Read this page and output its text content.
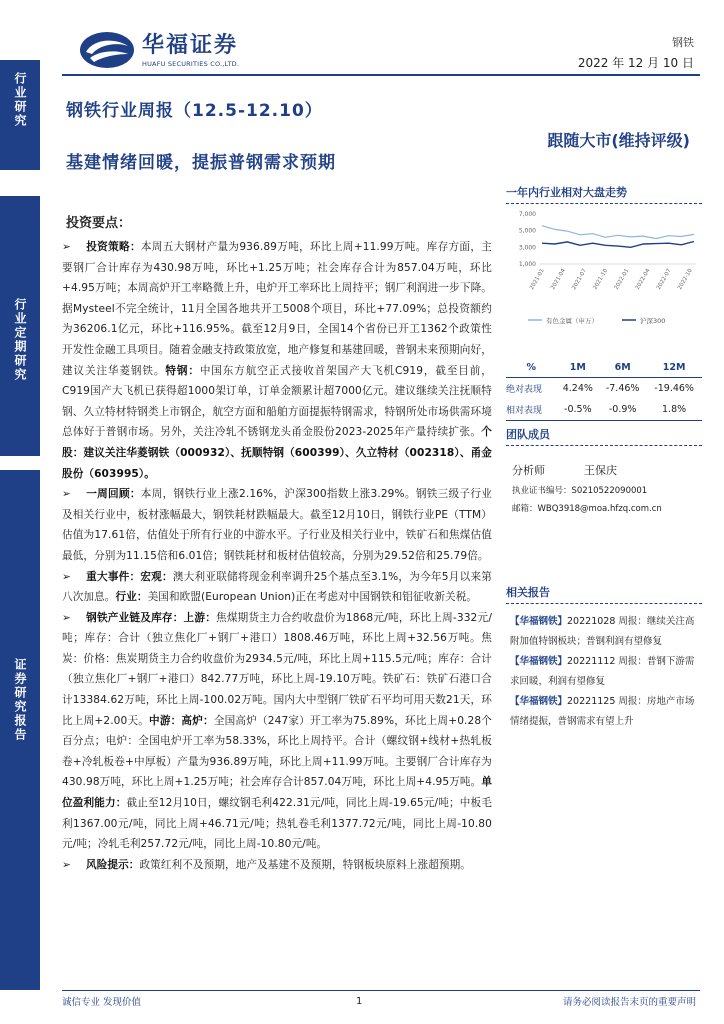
行业研究
行业定期研究
证券研究报告
华福证券
HUAFU SECURITIES CO.,LTD.
钢铁
2022 年 12 月 10 日
钢铁行业周报（12.5-12.10）
跟随大市(维持评级)
基建情绪回暖，提振普钢需求预期
投资要点：

➢ 投资策略：本周五大钢材产量为936.89万吨，环比上周+11.99万吨。库存方面，主要钢厂合计库存为430.98万吨，环比+1.25万吨；社会库存合计为857.04万吨，环比+4.95万吨；本周高炉开工率略微上升，电炉开工率环比上周持平；钢厂利润进一步下降。据Mysteel不完全统计，11月全国各地共开工5008个项目，环比+77.09%；总投资额约为36206.1亿元，环比+116.95%。截至12月9日，全国14个省份已开工1362个政策性开发性金融工具项目。随着金融支持政策放宽，地产修复和基建回暖，普钢未来预期向好，建议关注华菱钢铁。特钢：中国东方航空正式接收首架国产大飞机C919，截至目前，C919国产大飞机已获得超1000架订单，订单金额累计超7000亿元。建议继续关注抚顺特钢、久立特材特钢类上市钢企，航空方面和船舶方面提振特钢需求，特钢所处市场供需环境总体好于普钢市场。另外，关注冷轧不锈钢龙头甬金股份2023-2025年产量持续扩张。个股：建议关注华菱钢铁（000932）、抚顺特钢（600399）、久立特材（002318）、甬金股份（603995）。

➢ 一周回顾：本周，钢铁行业上涨2.16%，沪深300指数上涨3.29%。钢铁三级子行业及相关行业中，板材涨幅最大，钢铁耗材跌幅最大。截至12月10日，钢铁行业PE（TTM）估值为17.61倍，估值处于所有行业的中游水平。子行业及相关行业中，铁矿石和焦煤估值最低，分别为11.15倍和6.01倍；钢铁耗材和板材估值较高，分别为29.52倍和25.79倍。

➢ 重大事件：宏观：澳大利亚联储将现金利率调升25个基点至3.1%，为今年5月以来第八次加息。行业：美国和欧盟(European Union)正在考虑对中国钢铁和铝征收新关税。

➢ 钢铁产业链及库存：上游：焦煤期货主力合约收盘价为1868元/吨，环比上周-332元/吨；库存：合计（独立焦化厂+钢厂+港口）1808.46万吨，环比上周+32.56万吨。焦炭：价格：焦炭期货主力合约收盘价为2934.5元/吨，环比上周+115.5元/吨；库存：合计（独立焦化厂+钢厂+港口）842.77万吨，环比上周-19.10万吨。铁矿石：铁矿石港口合计13384.62万吨，环比上周-100.02万吨。国内大中型钢厂铁矿石平均可用天数21天，环比上周+2.00天。中游：高炉：全国高炉（247家）开工率为75.89%，环比上周+0.28个百分点；电炉：全国电炉开工率为58.33%，环比上周持平。合计（螺纹钢+线材+热轧板卷+冷轧板卷+中厚板）产量为936.89万吨，环比上周+11.99万吨。主要钢厂合计库存为430.98万吨，环比上周+1.25万吨；社会库存合计857.04万吨，环比上周+4.95万吨。单位盈利能力：截止至12月10日，螺纹钢毛利422.31元/吨，同比上周-19.65元/吨；中板毛利1367.00元/吨，同比上周+46.71元/吨；热轧卷毛利1377.72元/吨，同比上周-10.80元/吨；冷轧毛利257.72元/吨，同比上周-10.80元/吨。

➢ 风险提示：政策红利不及预期，地产及基建不及预期，特钢板块原料上涨超预期。

一年内行业相对大盘走势
7,000
5,000
3,000
1,000
2021-01 2021-04 2021-07 2021-10 2022-01 2022-04 2022-07 2022-10
有色金属（申万）	沪深300
%	1M	6M	12M
绝对表现	4.24%	-7.46%	-19.46%
相对表现	-0.5%	-0.9%	1.8%
团队成员
分析师	王保庆
执业证书编号：S0210522090001
邮箱：WBQ3918@moa.hfzq.com.cn
相关报告
【华福钢铁】20221028 周报：继续关注高附加值特钢板块；普钢利润有望修复
【华福钢铁】20221112 周报：普钢下游需求回暖，利润有望修复
【华福钢铁】20221125 周报：房地产市场情绪提振，普钢需求有望上升
诚信专业 发现价值	1	请务必阅读报告末页的重要声明
